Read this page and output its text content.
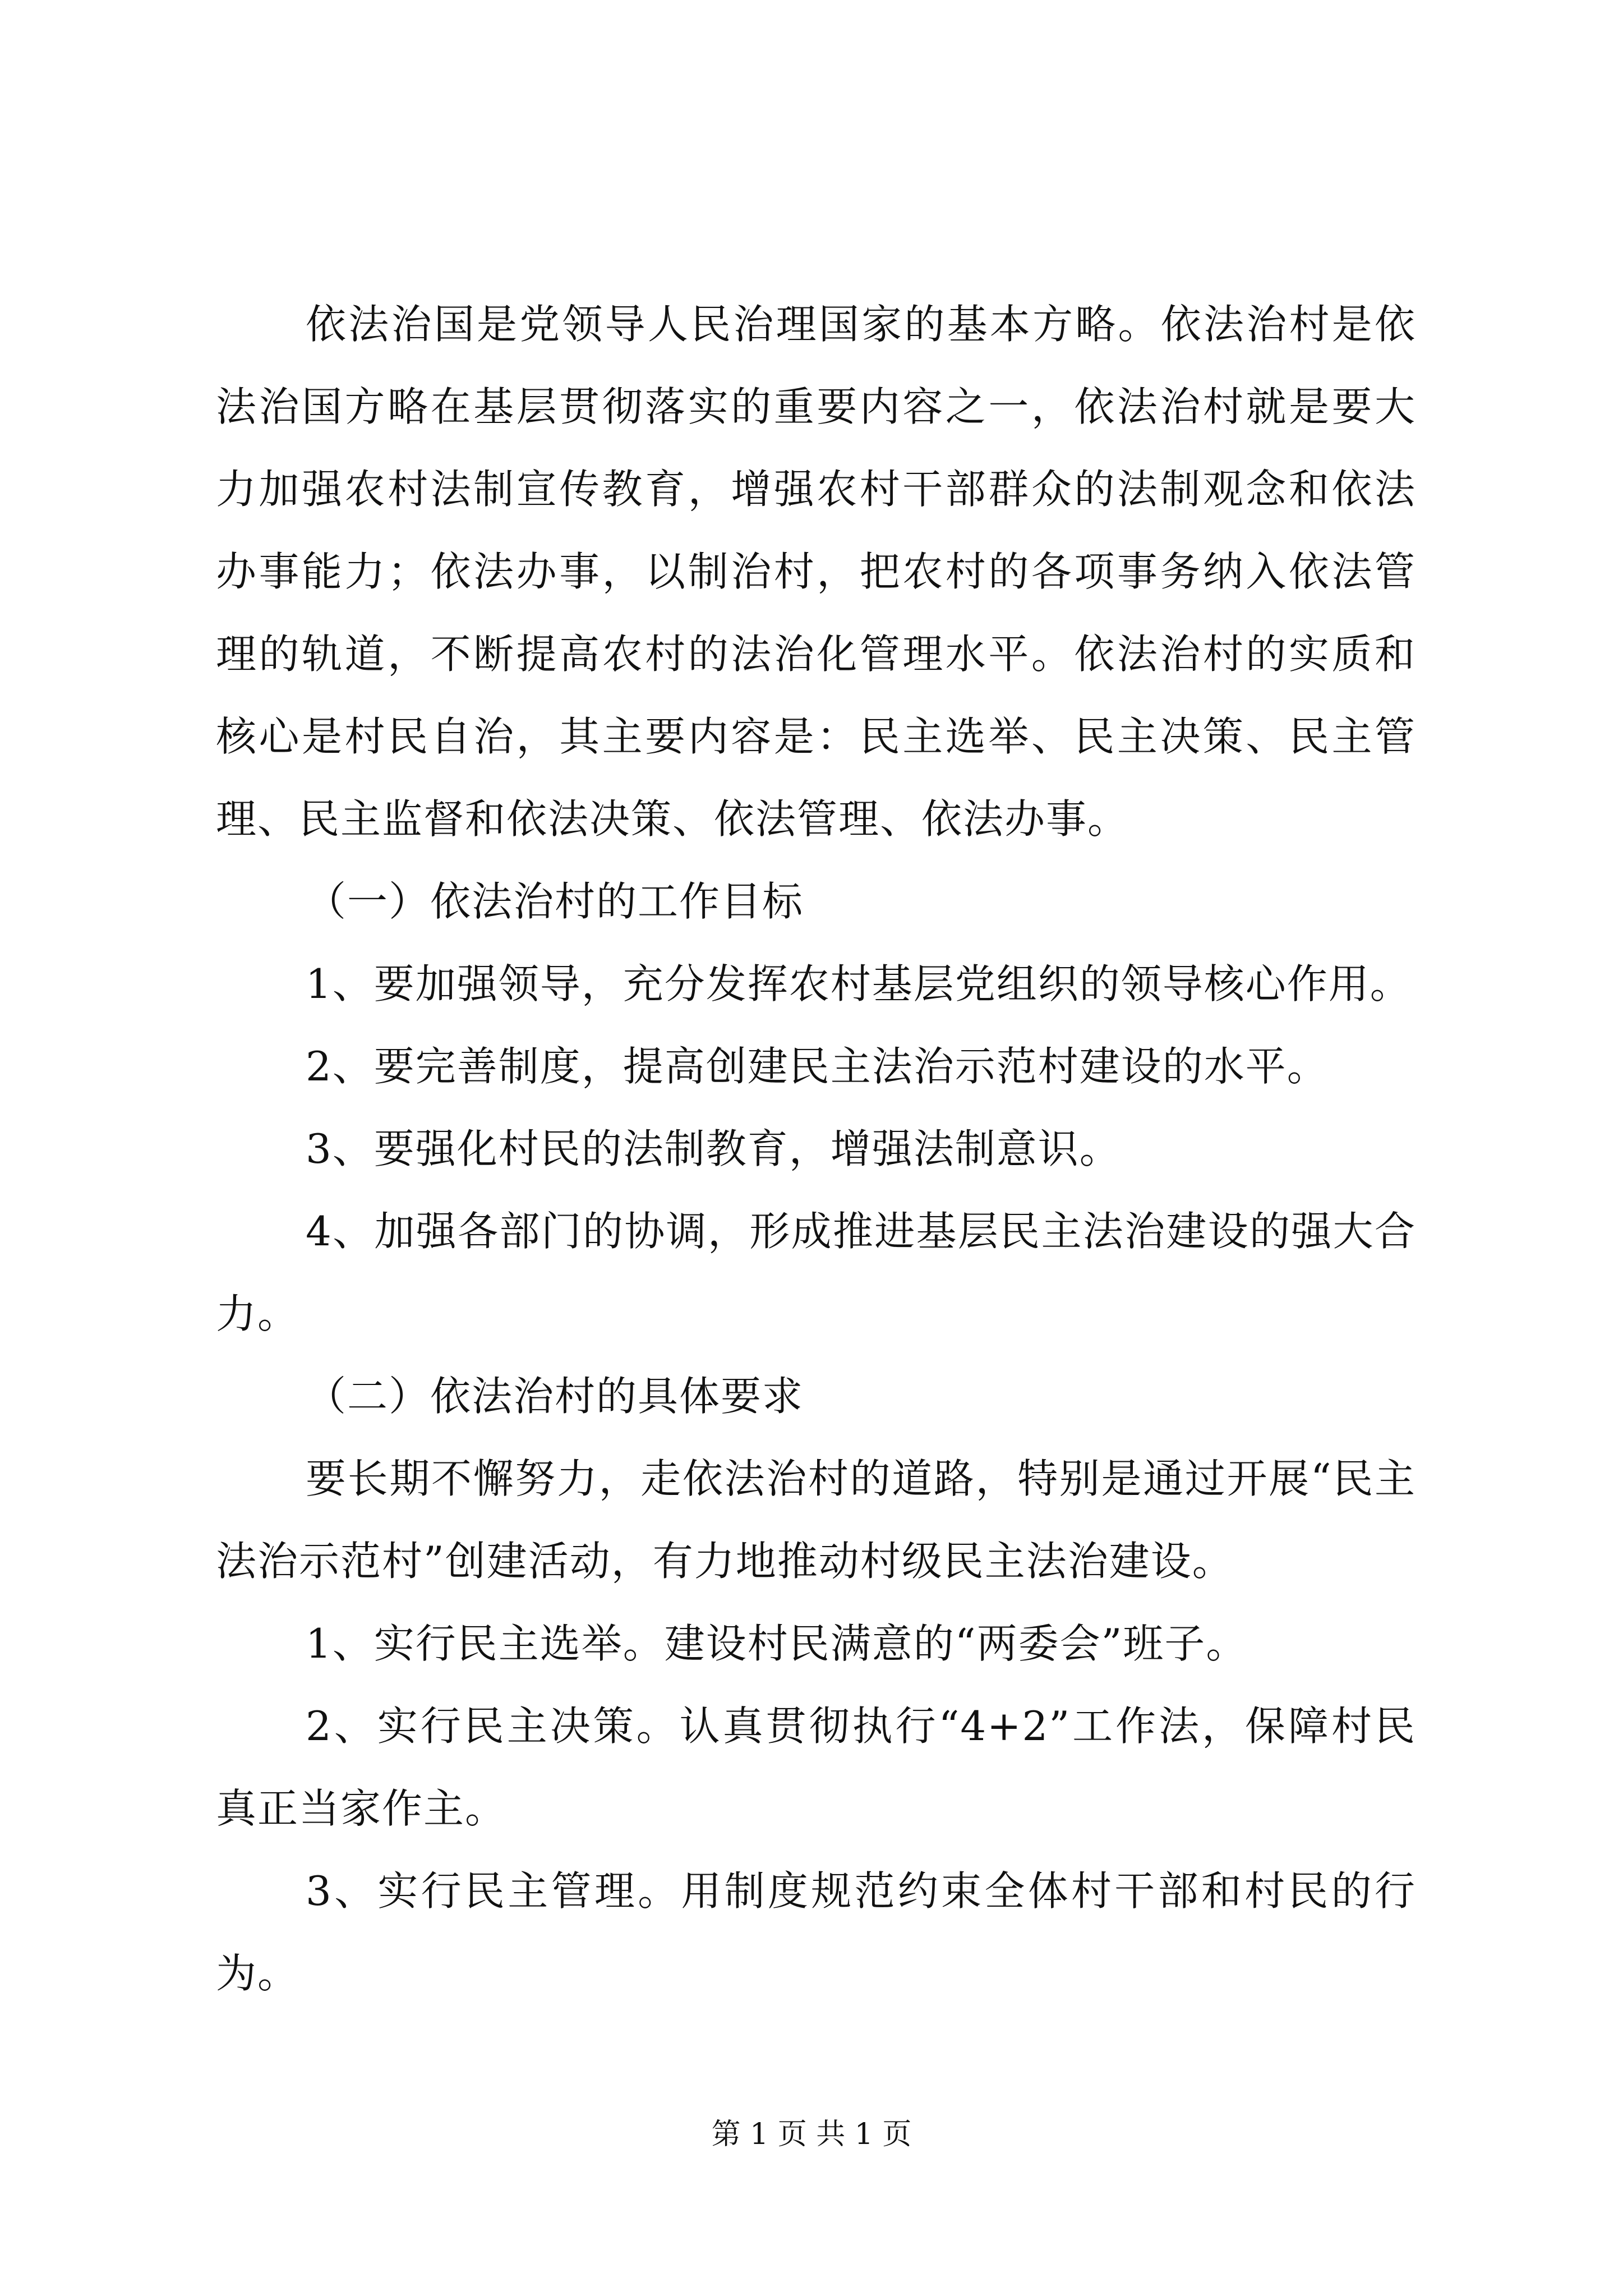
依法治国是党领导人民治理国家的基本方略。依法治村是依法治国方略在基层贯彻落实的重要内容之一，依法治村就是要大力加强农村法制宣传教育，增强农村干部群众的法制观念和依法办事能力；依法办事，以制治村，把农村的各项事务纳入依法管理的轨道，不断提高农村的法治化管理水平。依法治村的实质和核心是村民自治，其主要内容是：民主选举、民主决策、民主管理、民主监督和依法决策、依法管理、依法办事。

（一）依法治村的工作目标

1、要加强领导，充分发挥农村基层党组织的领导核心作用。

2、要完善制度，提高创建民主法治示范村建设的水平。

3、要强化村民的法制教育，增强法制意识。

4、加强各部门的协调，形成推进基层民主法治建设的强大合力。

（二）依法治村的具体要求

要长期不懈努力，走依法治村的道路，特别是通过开展“民主法治示范村”创建活动，有力地推动村级民主法治建设。

1、实行民主选举。建设村民满意的“两委会”班子。

2、实行民主决策。认真贯彻执行“4+2”工作法，保障村民真正当家作主。

3、实行民主管理。用制度规范约束全体村干部和村民的行为。

第 1 页 共 1 页
